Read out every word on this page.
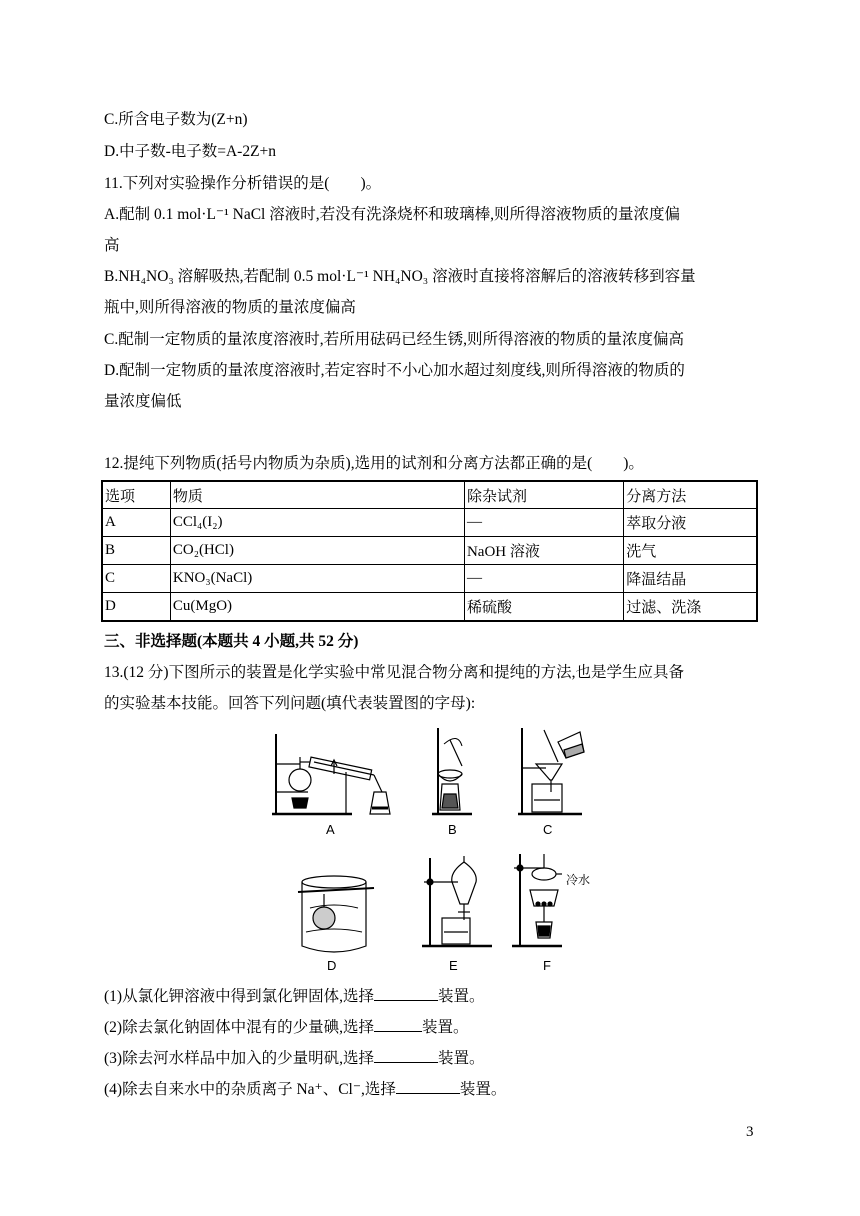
C.所含电子数为(Z+n)
D.中子数-电子数=A-2Z+n
11.下列对实验操作分析错误的是(　　)。
A.配制 0.1 mol·L⁻¹ NaCl 溶液时,若没有洗涤烧杯和玻璃棒,则所得溶液物质的量浓度偏
高
B.NH₄NO₃ 溶解吸热,若配制 0.5 mol·L⁻¹ NH₄NO₃ 溶液时直接将溶解后的溶液转移到容量
瓶中,则所得溶液的物质的量浓度偏高
C.配制一定物质的量浓度溶液时,若所用砝码已经生锈,则所得溶液的物质的量浓度偏高
D.配制一定物质的量浓度溶液时,若定容时不小心加水超过刻度线,则所得溶液的物质的
量浓度偏低
12.提纯下列物质(括号内物质为杂质),选用的试剂和分离方法都正确的是(　　)。
选项	物质	除杂试剂	分离方法
A	CCl₄(I₂)	—	萃取分液
B	CO₂(HCl)	NaOH 溶液	洗气
C	KNO₃(NaCl)	—	降温结晶
D	Cu(MgO)	稀硫酸	过滤、洗涤
三、非选择题(本题共 4 小题,共 52 分)
13.(12 分)下图所示的装置是化学实验中常见混合物分离和提纯的方法,也是学生应具备
的实验基本技能。回答下列问题(填代表装置图的字母):
A	B	C
D	E	F
冷水
(1)从氯化钾溶液中得到氯化钾固体,选择	装置。
(2)除去氯化钠固体中混有的少量碘,选择	装置。
(3)除去河水样品中加入的少量明矾,选择	装置。
(4)除去自来水中的杂质离子 Na⁺、Cl⁻,选择	装置。
3
